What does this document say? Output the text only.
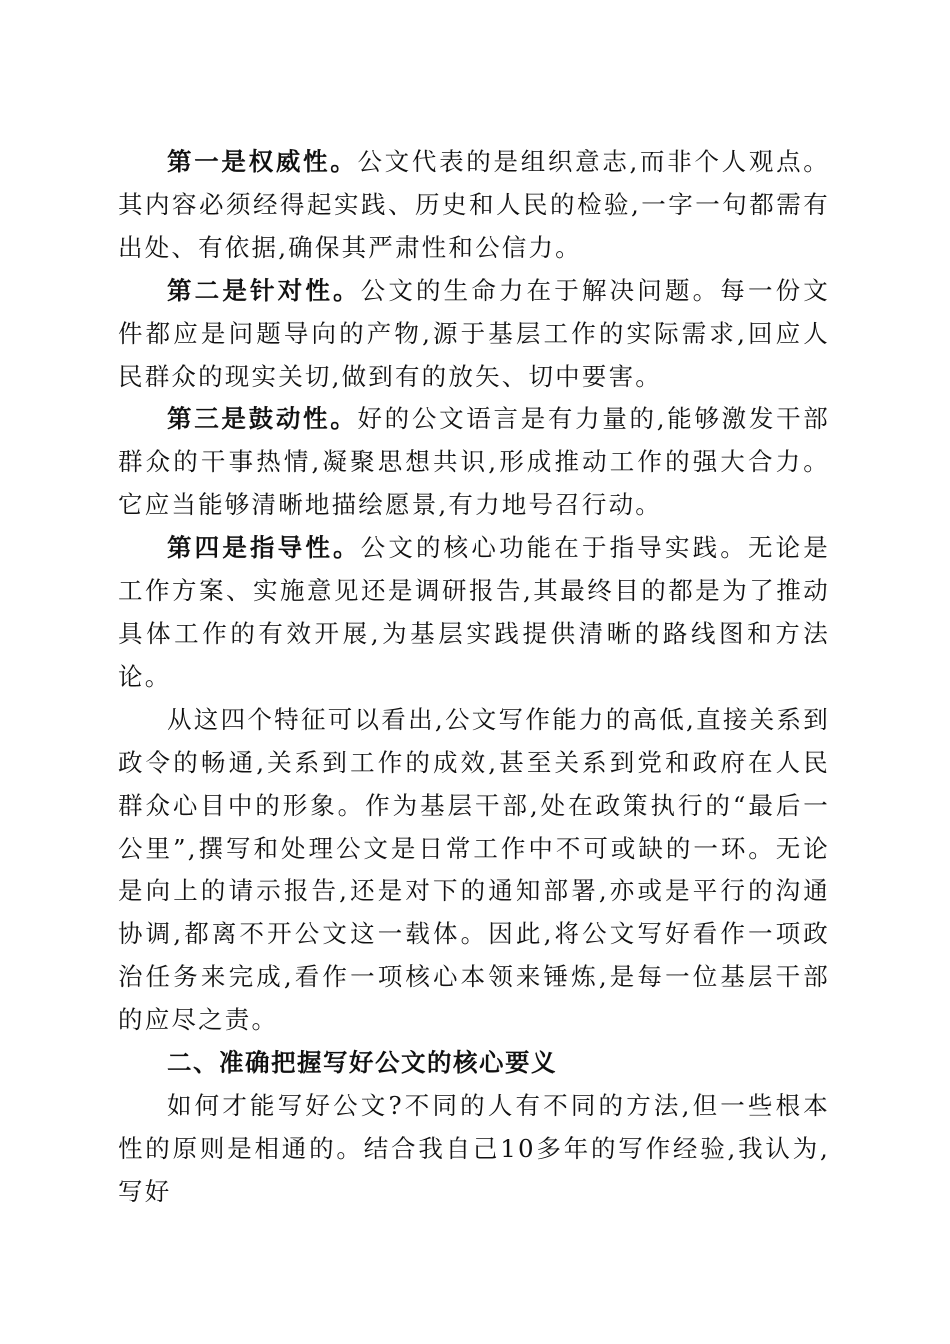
第一是权威性。公文代表的是组织意志,而非个人观点。其内容必须经得起实践、历史和人民的检验,一字一句都需有出处、有依据,确保其严肃性和公信力。

第二是针对性。公文的生命力在于解决问题。每一份文件都应是问题导向的产物,源于基层工作的实际需求,回应人民群众的现实关切,做到有的放矢、切中要害。

第三是鼓动性。好的公文语言是有力量的,能够激发干部群众的干事热情,凝聚思想共识,形成推动工作的强大合力。它应当能够清晰地描绘愿景,有力地号召行动。

第四是指导性。公文的核心功能在于指导实践。无论是工作方案、实施意见还是调研报告,其最终目的都是为了推动具体工作的有效开展,为基层实践提供清晰的路线图和方法论。

从这四个特征可以看出,公文写作能力的高低,直接关系到政令的畅通,关系到工作的成效,甚至关系到党和政府在人民群众心目中的形象。作为基层干部,处在政策执行的“最后一公里”,撰写和处理公文是日常工作中不可或缺的一环。无论是向上的请示报告,还是对下的通知部署,亦或是平行的沟通协调,都离不开公文这一载体。因此,将公文写好看作一项政治任务来完成,看作一项核心本领来锤炼,是每一位基层干部的应尽之责。

二、准确把握写好公文的核心要义

如何才能写好公文?不同的人有不同的方法,但一些根本性的原则是相通的。结合我自己10多年的写作经验,我认为,写好
